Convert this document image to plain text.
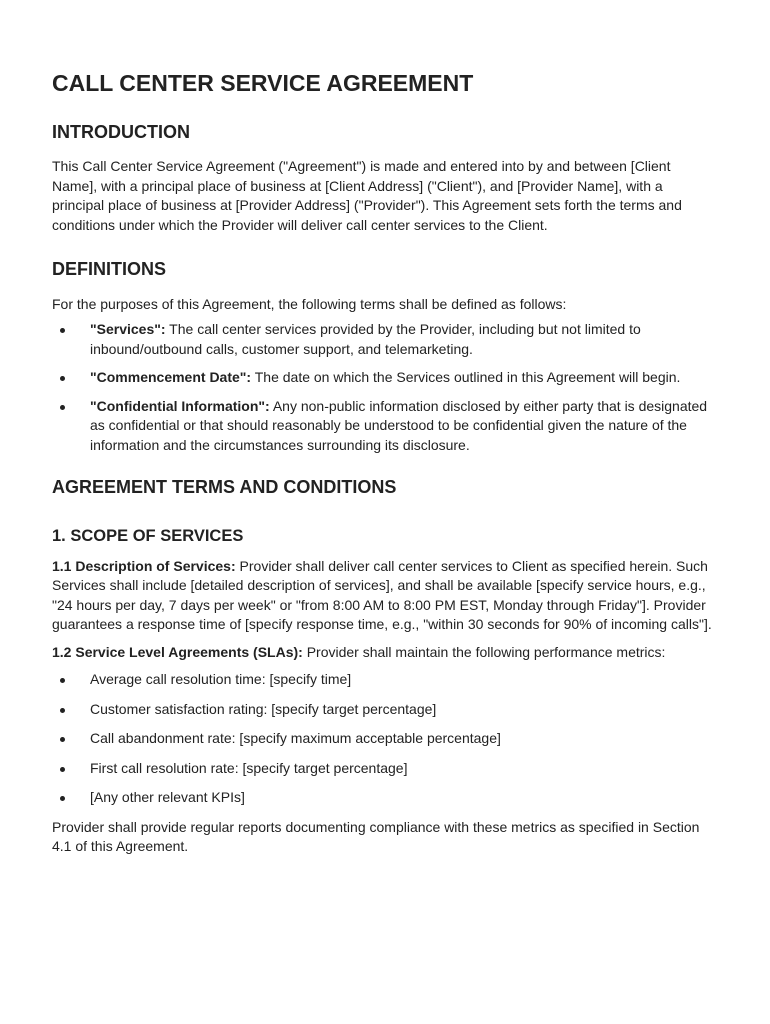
CALL CENTER SERVICE AGREEMENT
INTRODUCTION

This Call Center Service Agreement ("Agreement") is made and entered into by and between [Client Name], with a principal place of business at [Client Address] ("Client"), and [Provider Name], with a principal place of business at [Provider Address] ("Provider"). This Agreement sets forth the terms and conditions under which the Provider will deliver call center services to the Client.

DEFINITIONS

For the purposes of this Agreement, the following terms shall be defined as follows:

"Services": The call center services provided by the Provider, including but not limited to inbound/outbound calls, customer support, and telemarketing.
"Commencement Date": The date on which the Services outlined in this Agreement will begin.
"Confidential Information": Any non-public information disclosed by either party that is designated as confidential or that should reasonably be understood to be confidential given the nature of the information and the circumstances surrounding its disclosure.
AGREEMENT TERMS AND CONDITIONS
1. SCOPE OF SERVICES

1.1 Description of Services: Provider shall deliver call center services to Client as specified herein. Such Services shall include [detailed description of services], and shall be available [specify service hours, e.g., "24 hours per day, 7 days per week" or "from 8:00 AM to 8:00 PM EST, Monday through Friday"]. Provider guarantees a response time of [specify response time, e.g., "within 30 seconds for 90% of incoming calls"].

1.2 Service Level Agreements (SLAs): Provider shall maintain the following performance metrics:

Average call resolution time: [specify time]
Customer satisfaction rating: [specify target percentage]
Call abandonment rate: [specify maximum acceptable percentage]
First call resolution rate: [specify target percentage]
[Any other relevant KPIs]

Provider shall provide regular reports documenting compliance with these metrics as specified in Section 4.1 of this Agreement.
